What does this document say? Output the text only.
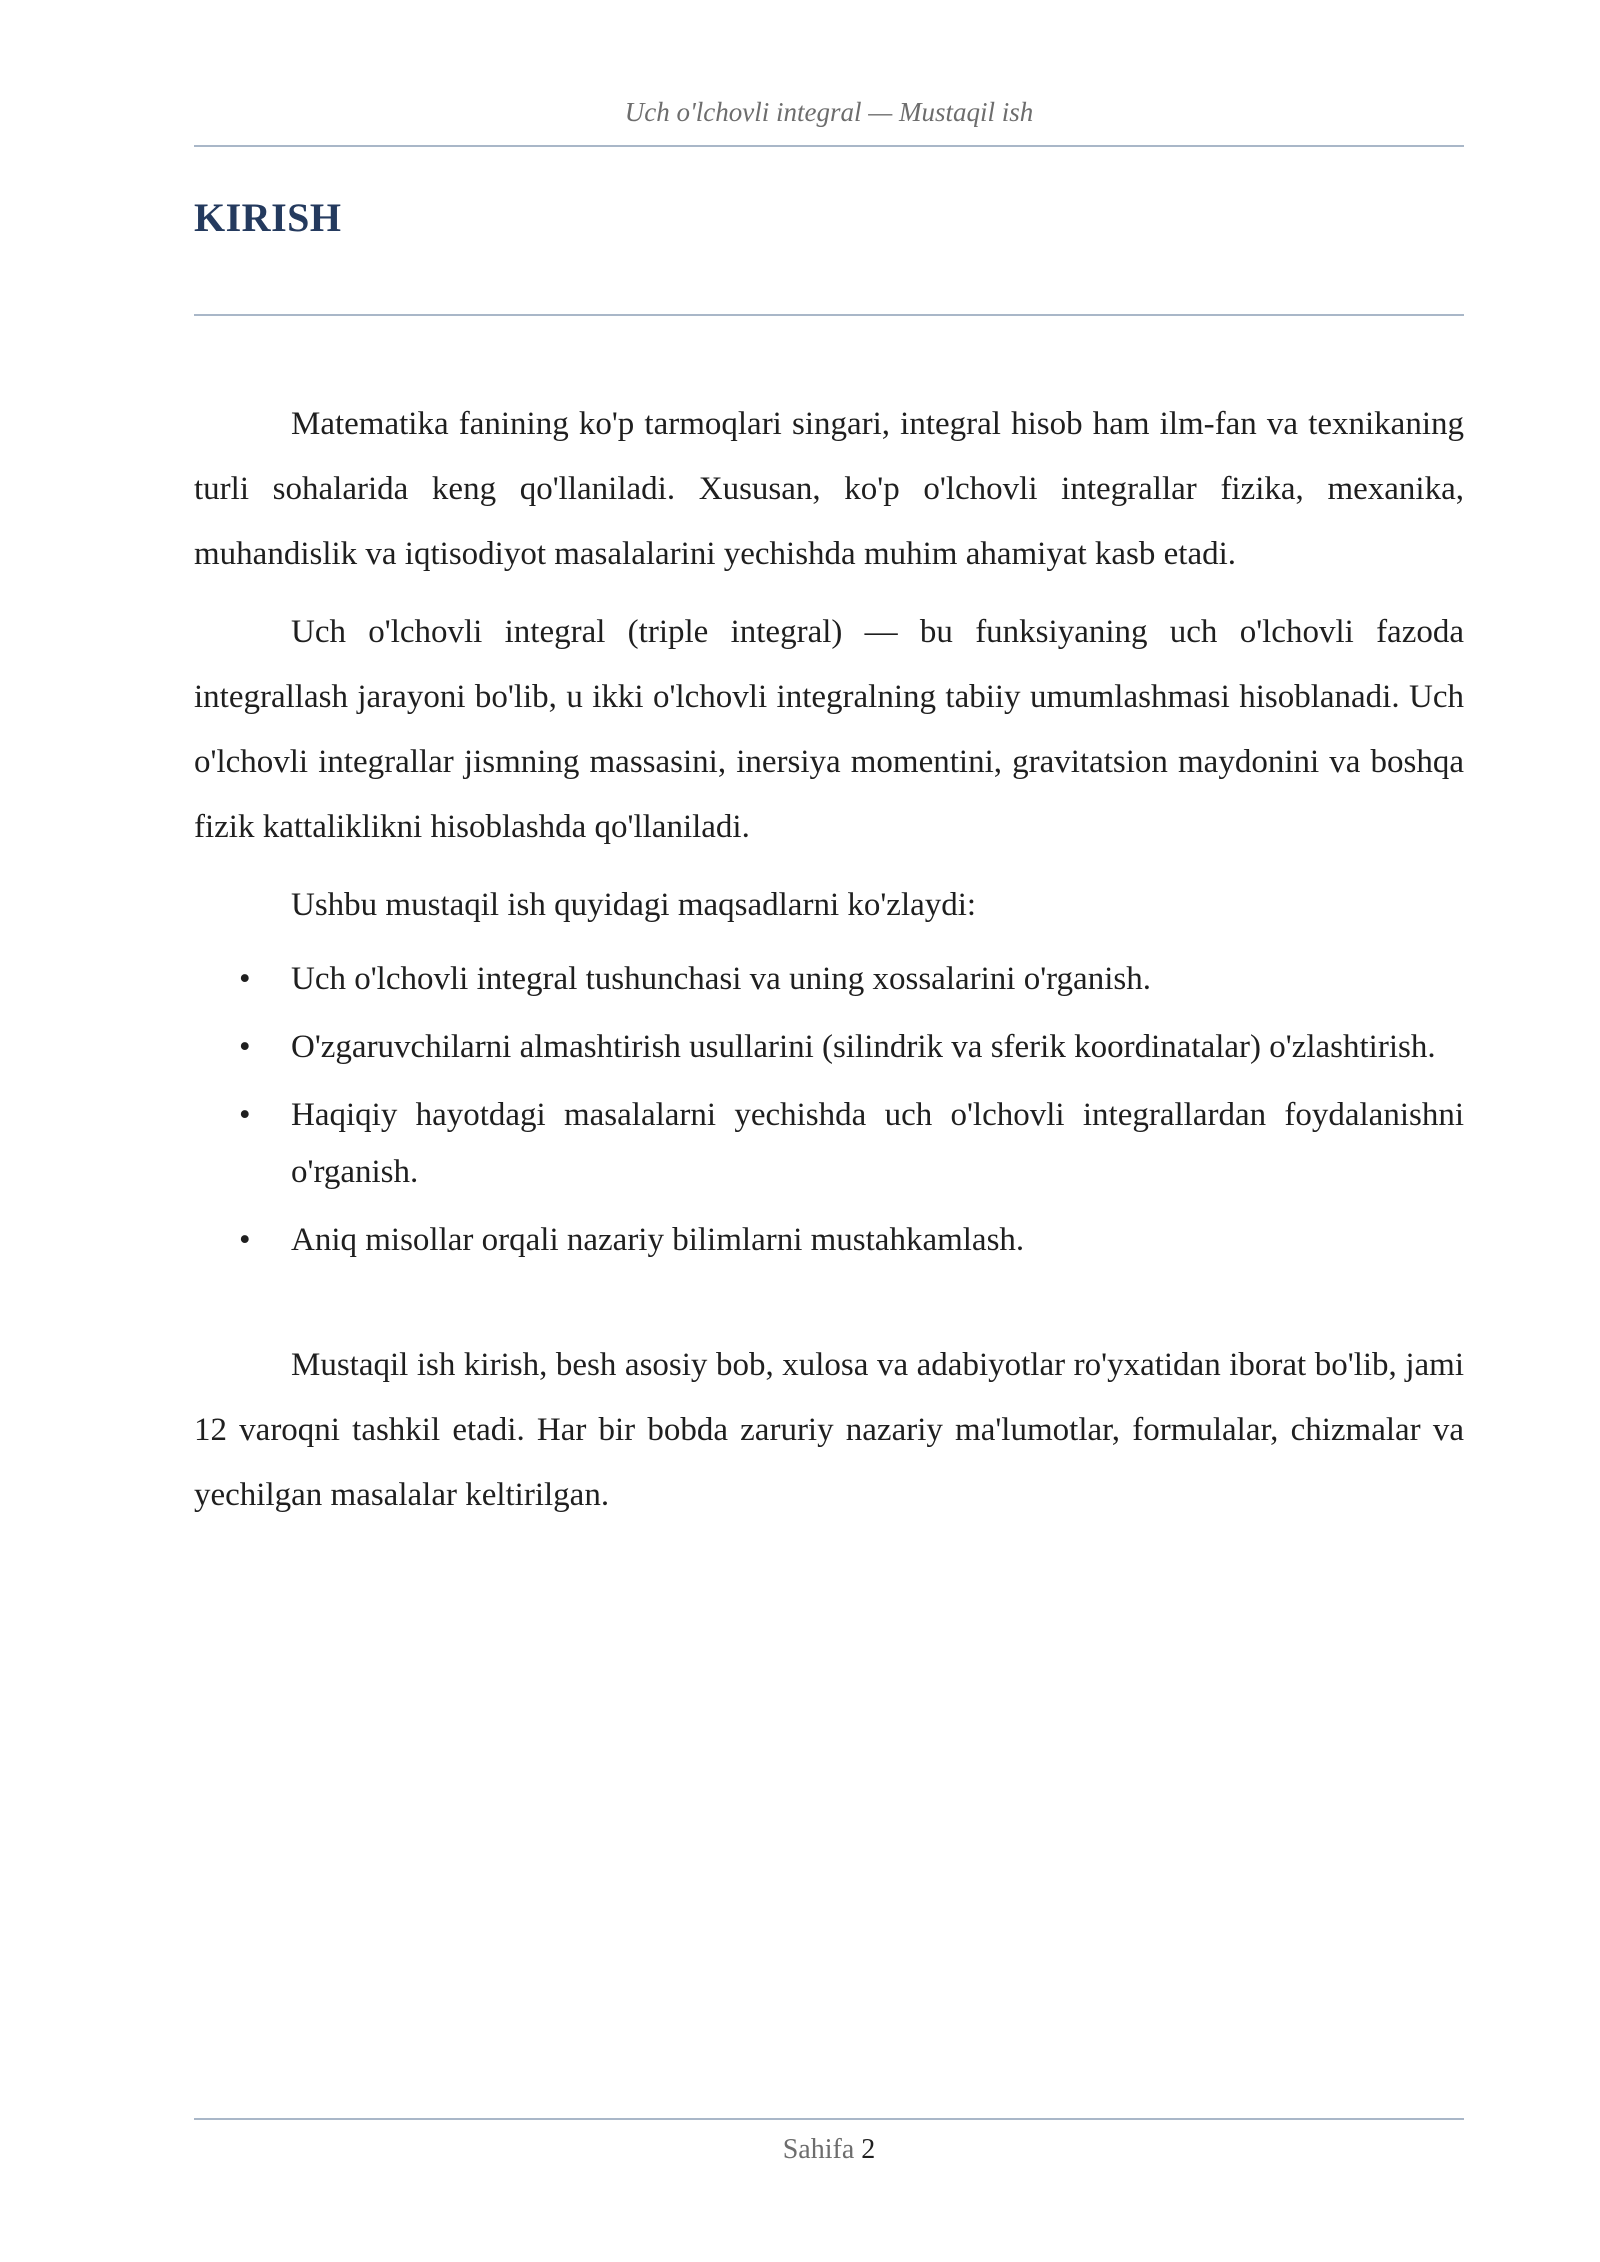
Uch o'lchovli integral — Mustaqil ish
KIRISH

Matematika fanining ko'p tarmoqlari singari, integral hisob ham ilm-fan va texnikaning turli sohalarida keng qo'llaniladi. Xususan, ko'p o'lchovli integrallar fizika, mexanika, muhandislik va iqtisodiyot masalalarini yechishda muhim ahamiyat kasb etadi.

Uch o'lchovli integral (triple integral) — bu funksiyaning uch o'lchovli fazoda integrallash jarayoni bo'lib, u ikki o'lchovli integralning tabiiy umumlashmasi hisoblanadi. Uch o'lchovli integrallar jismning massasini, inersiya momentini, gravitatsion maydonini va boshqa fizik kattaliklikni hisoblashda qo'llaniladi.

Ushbu mustaqil ish quyidagi maqsadlarni ko'zlaydi:

• Uch o'lchovli integral tushunchasi va uning xossalarini o'rganish.
• O'zgaruvchilarni almashtirish usullarini (silindrik va sferik koordinatalar) o'zlashtirish.
• Haqiqiy hayotdagi masalalarni yechishda uch o'lchovli integrallardan foydalanishni o'rganish.
• Aniq misollar orqali nazariy bilimlarni mustahkamlash.

Mustaqil ish kirish, besh asosiy bob, xulosa va adabiyotlar ro'yxatidan iborat bo'lib, jami 12 varoqni tashkil etadi. Har bir bobda zaruriy nazariy ma'lumotlar, formulalar, chizmalar va yechilgan masalalar keltirilgan.

Sahifa 2
